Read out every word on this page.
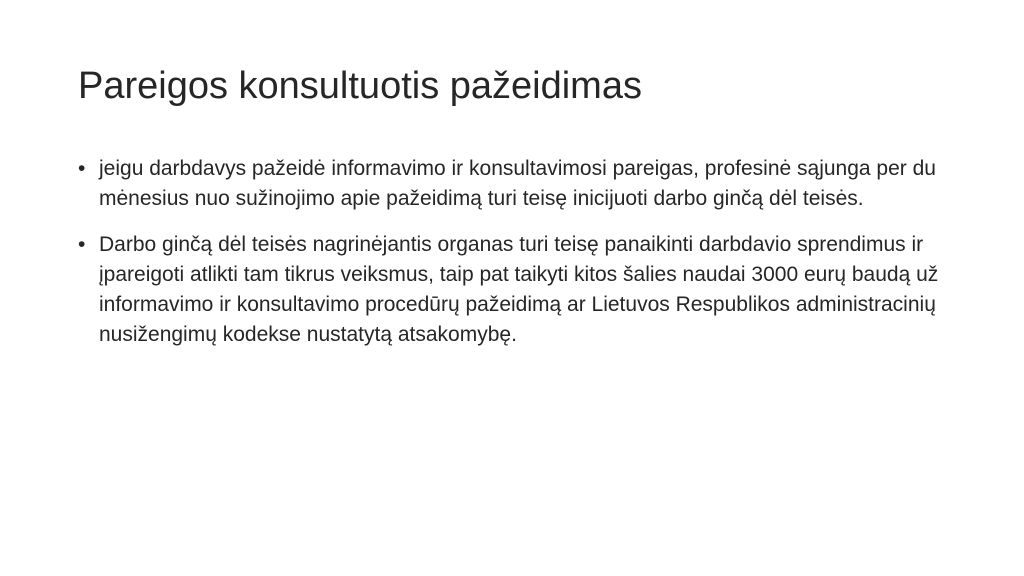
Pareigos konsultuotis pažeidimas
• jeigu darbdavys pažeidė informavimo ir konsultavimosi pareigas, profesinė sąjunga per du mėnesius nuo sužinojimo apie pažeidimą turi teisę inicijuoti darbo ginčą dėl teisės.
• Darbo ginčą dėl teisės nagrinėjantis organas turi teisę panaikinti darbdavio sprendimus ir įpareigoti atlikti tam tikrus veiksmus, taip pat taikyti kitos šalies naudai 3000 eurų baudą už informavimo ir konsultavimo procedūrų pažeidimą ar Lietuvos Respublikos administracinių nusižengimų kodekse nustatytą atsakomybę.
